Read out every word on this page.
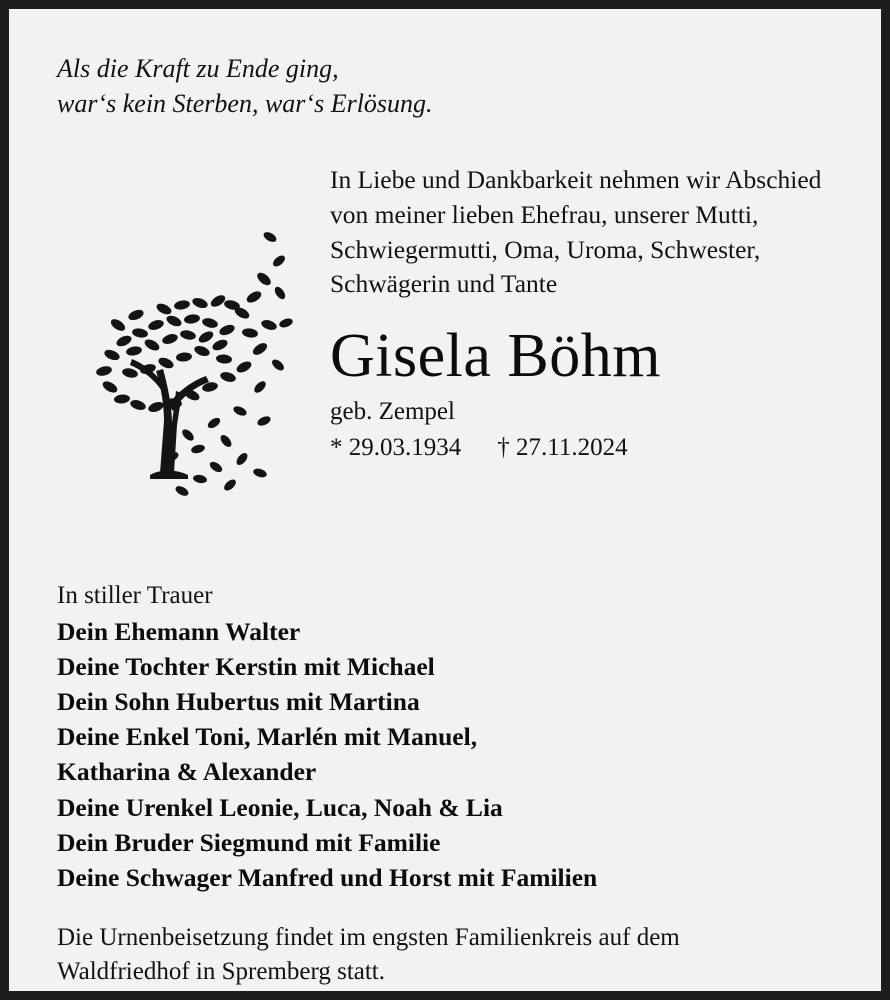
Als die Kraft zu Ende ging,
war‘s kein Sterben, war‘s Erlösung.
In Liebe und Dankbarkeit nehmen wir Abschied von meiner lieben Ehefrau, unserer Mutti, Schwiegermutti, Oma, Uroma, Schwester, Schwägerin und Tante
Gisela Böhm
geb. Zempel
* 29.03.1934 † 27.11.2024
In stiller Trauer
Dein Ehemann Walter
Deine Tochter Kerstin mit Michael
Dein Sohn Hubertus mit Martina
Deine Enkel Toni, Marlén mit Manuel,
Katharina & Alexander
Deine Urenkel Leonie, Luca, Noah & Lia
Dein Bruder Siegmund mit Familie
Deine Schwager Manfred und Horst mit Familien
Die Urnenbeisetzung findet im engsten Familienkreis auf dem
Waldfriedhof in Spremberg statt.
